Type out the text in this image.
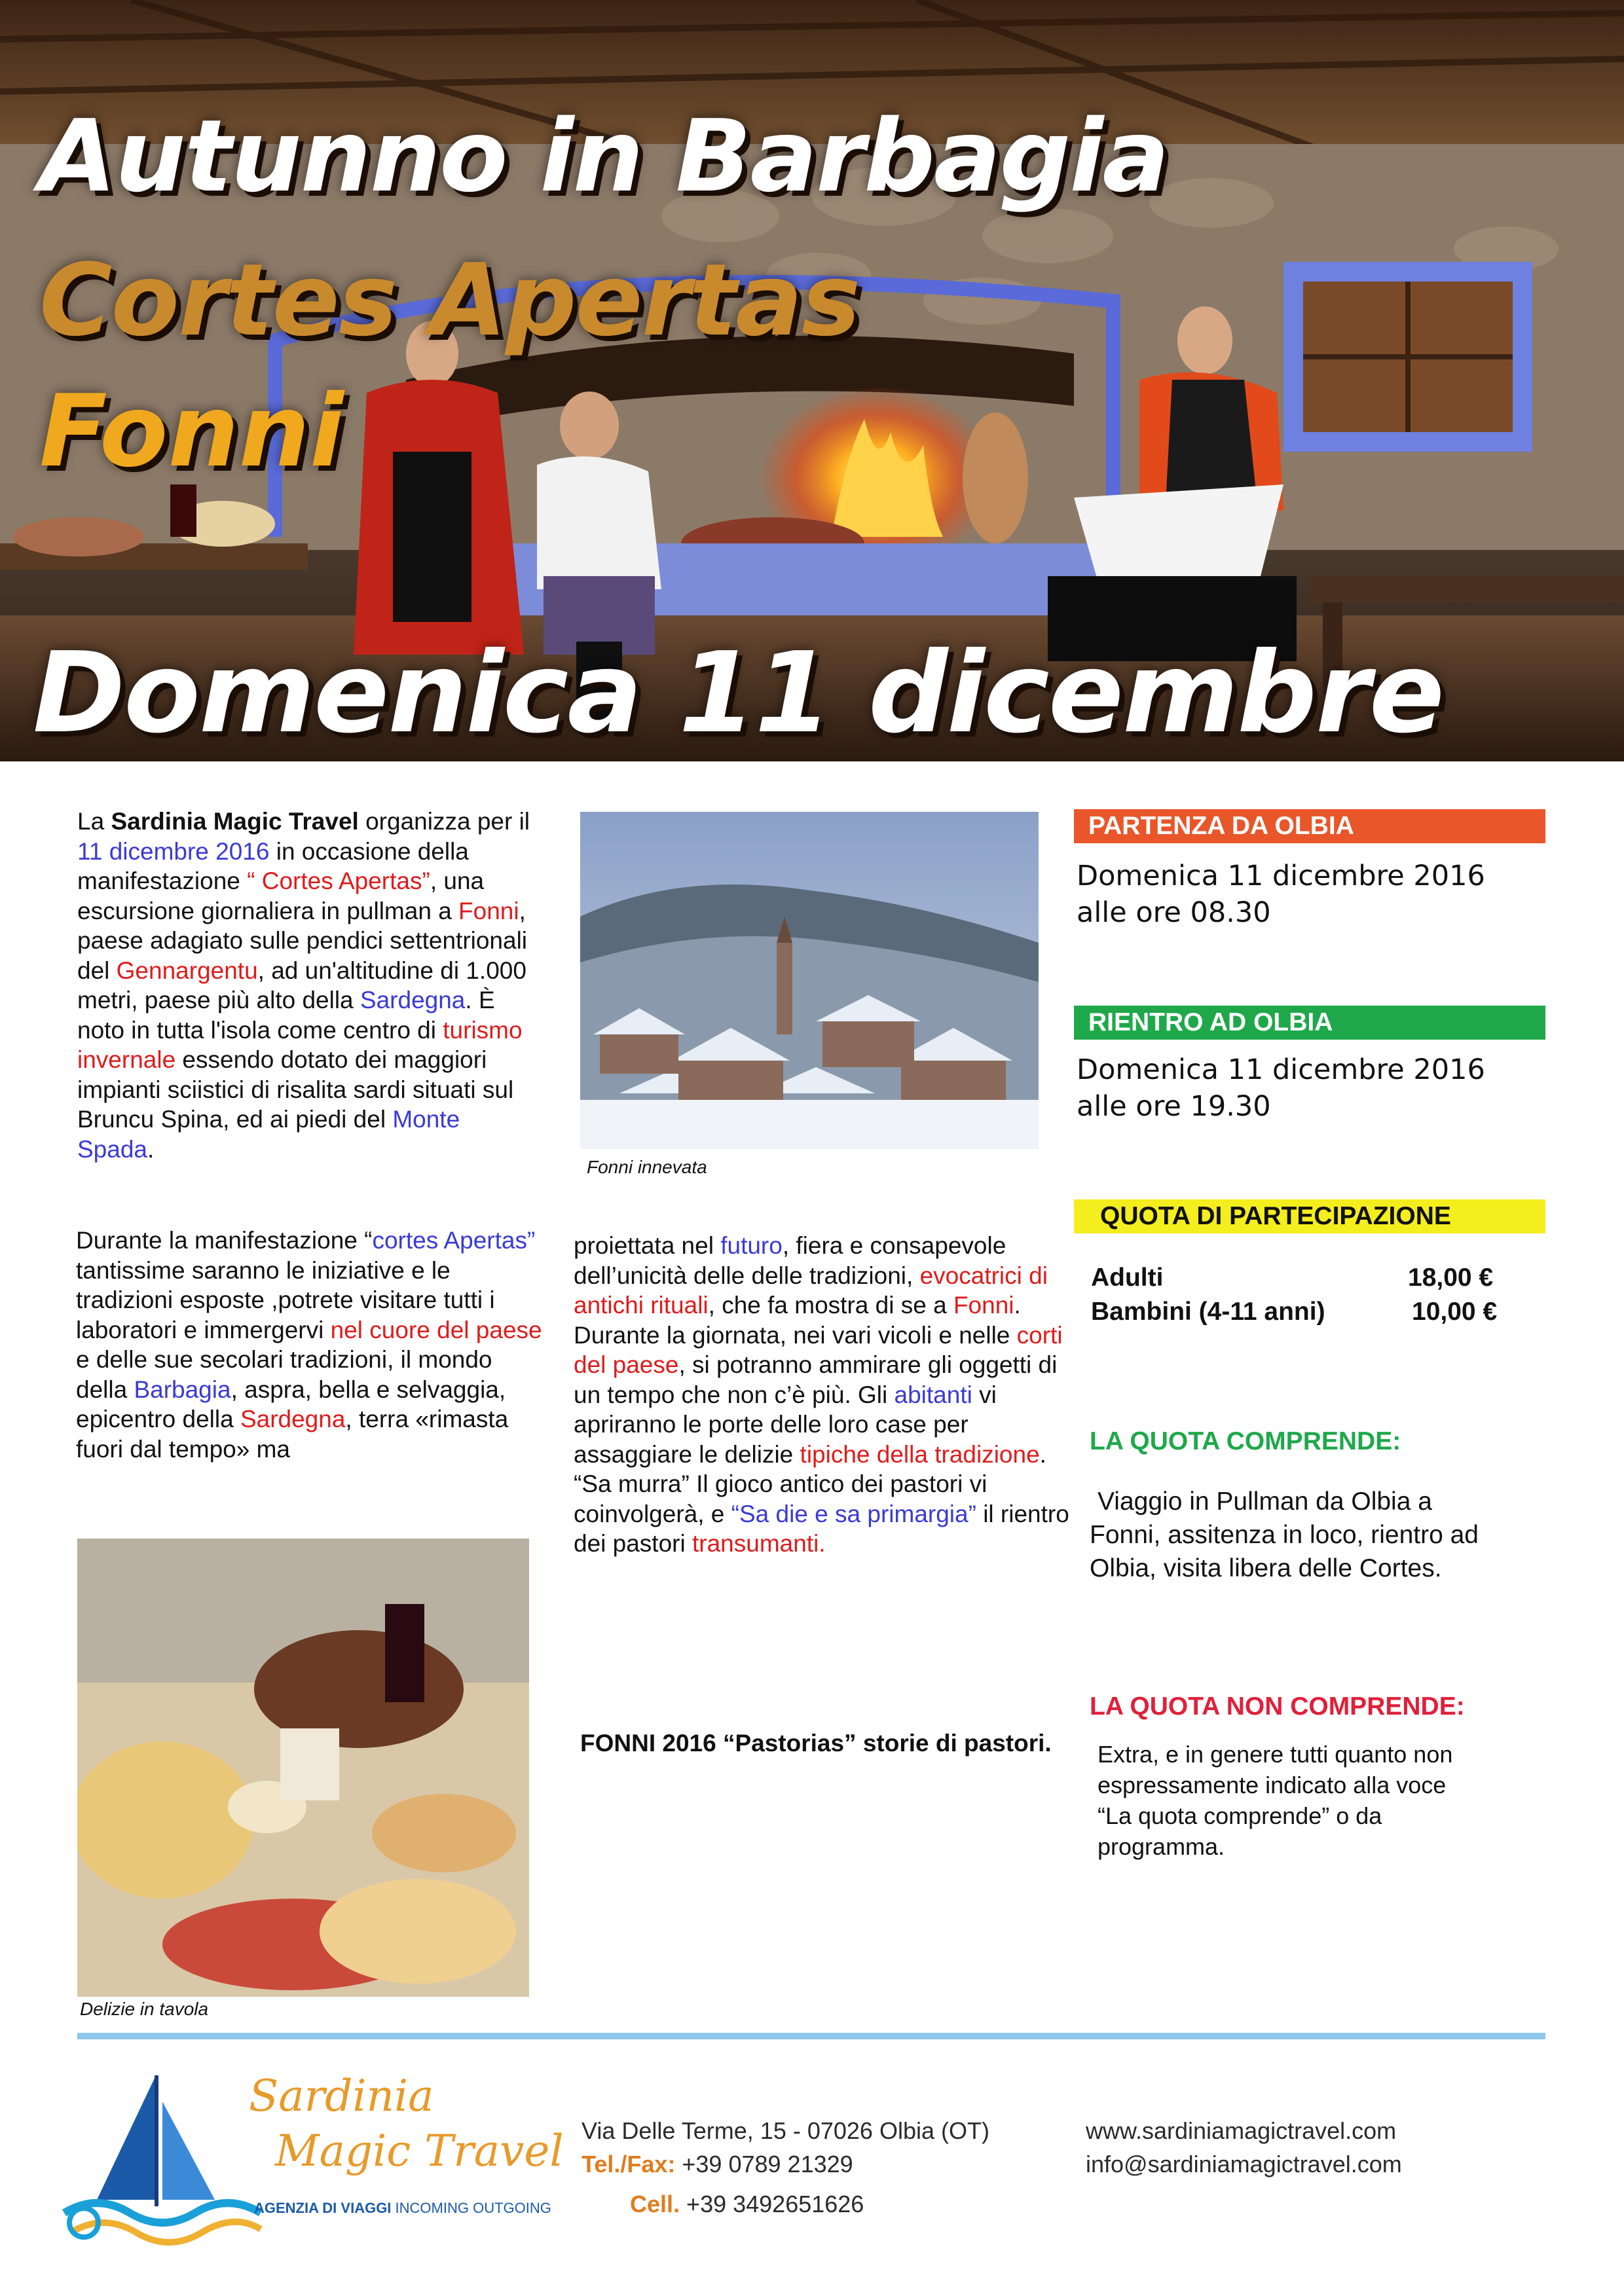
Autunno in Barbagia
Cortes Apertas
Fonni
Domenica 11 dicembre
La Sardinia Magic Travel organizza per il 11 dicembre 2016 in occasione della manifestazione “ Cortes Apertas”, una escursione giornaliera in pullman a Fonni, paese adagiato sulle pendici settentrionali del Gennargentu, ad un'altitudine di 1.000 metri, paese più alto della Sardegna. È noto in tutta l'isola come centro di turismo invernale essendo dotato dei maggiori impianti sciistici di risalita sardi situati sul Bruncu Spina, ed ai piedi del Monte Spada.
Durante la manifestazione “cortes Apertas” tantissime saranno le iniziative e le tradizioni esposte ,potrete visitare tutti i laboratori e immergervi nel cuore del paese e delle sue secolari tradizioni, il mondo della Barbagia, aspra, bella e selvaggia, epicentro della Sardegna, terra «rimasta fuori dal tempo» ma
Delizie in tavola
Fonni innevata
proiettata nel futuro, fiera e consapevole dell’unicità delle delle tradizioni, evocatrici di antichi rituali, che fa mostra di se a Fonni.
Durante la giornata, nei vari vicoli e nelle corti del paese, si potranno ammirare gli oggetti di un tempo che non c’è più. Gli abitanti vi apriranno le porte delle loro case per assaggiare le delizie tipiche della tradizione.
“Sa murra” Il gioco antico dei pastori vi coinvolgerà, e “Sa die e sa primargia” il rientro dei pastori transumanti.
FONNI 2016 “Pastorias” storie di pastori.
PARTENZA DA OLBIA
Domenica 11 dicembre 2016
alle ore 08.30
RIENTRO AD OLBIA
Domenica 11 dicembre 2016
alle ore 19.30
QUOTA DI PARTECIPAZIONE
Adulti	18,00 €
Bambini (4-11 anni)	10,00 €
LA QUOTA COMPRENDE:
Viaggio in Pullman da Olbia a Fonni, assitenza in loco, rientro ad Olbia, visita libera delle Cortes.
LA QUOTA NON COMPRENDE:
Extra, e in genere tutti quanto non espressamente indicato alla voce “La quota comprende” o da programma.
Sardinia
Magic Travel
AGENZIA DI VIAGGI INCOMING OUTGOING
Via Delle Terme, 15 - 07026 Olbia (OT)
Tel./Fax: +39 0789 21329
Cell. +39 3492651626
www.sardiniamagictravel.com
info@sardiniamagictravel.com
